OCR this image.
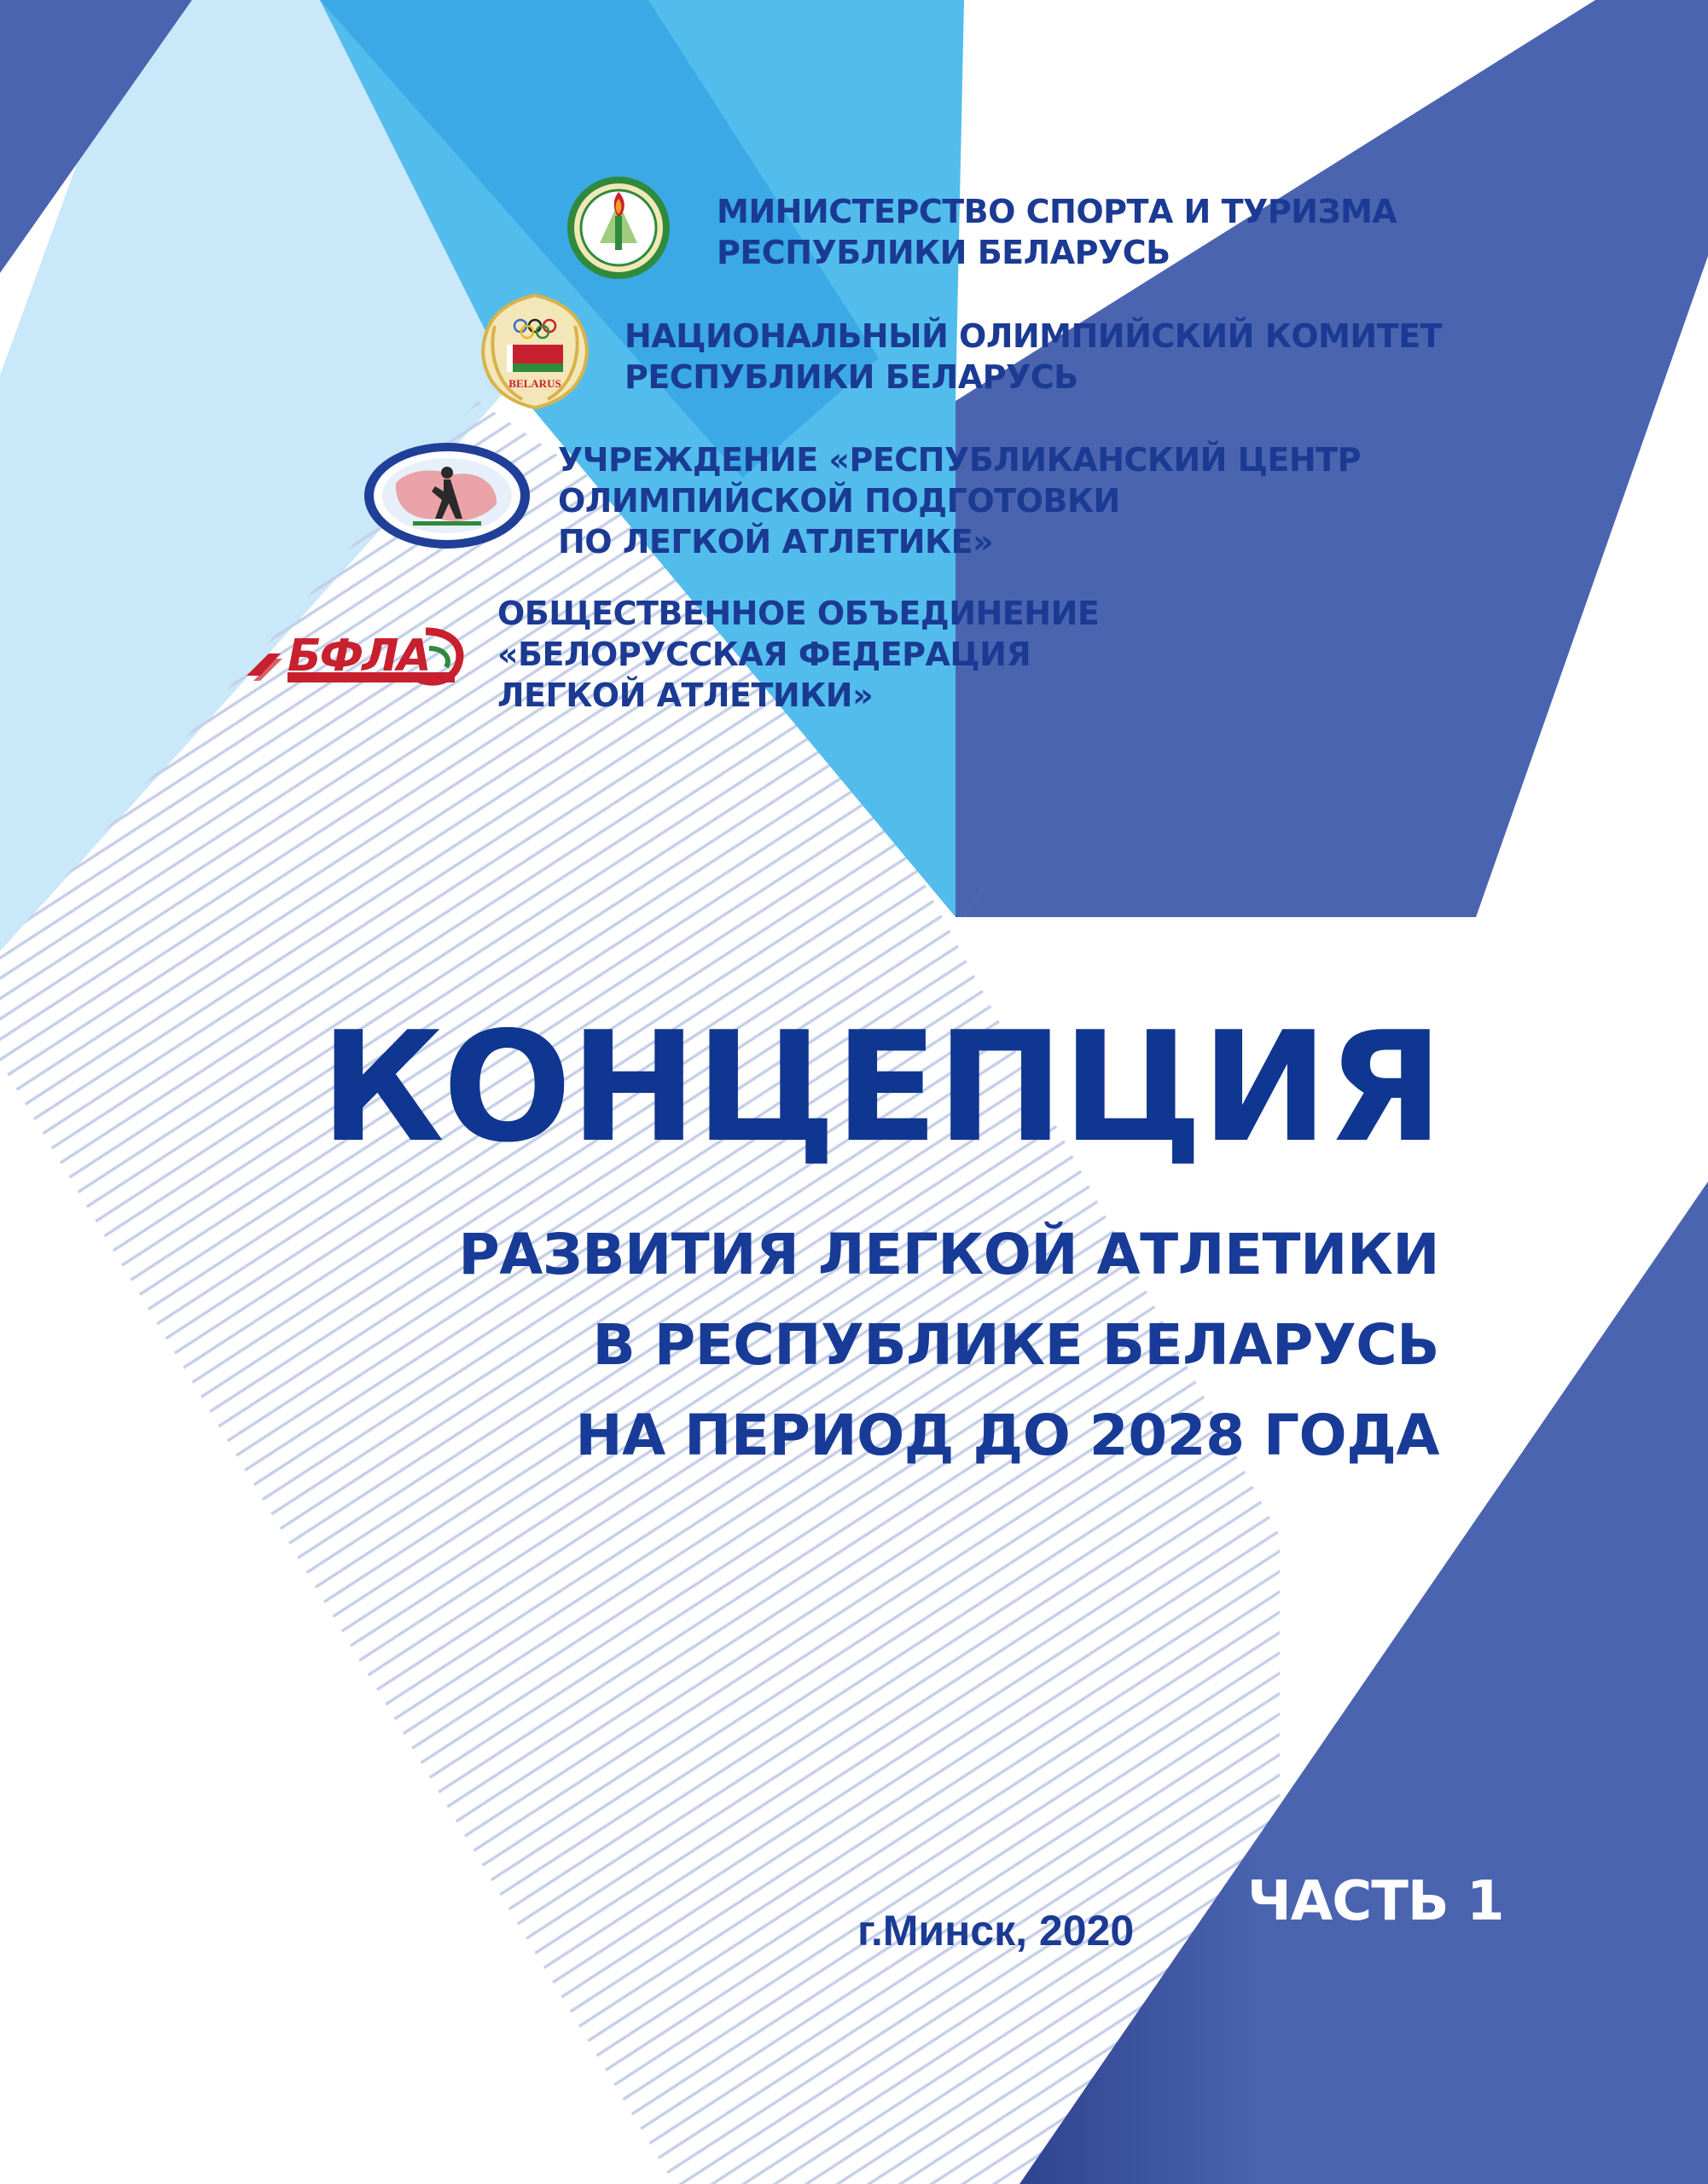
МИНИСТЕРСТВО СПОРТА И ТУРИЗМА
РЕСПУБЛИКИ БЕЛАРУСЬ
BELARUS
НАЦИОНАЛЬНЫЙ ОЛИМПИЙСКИЙ КОМИТЕТ
РЕСПУБЛИКИ БЕЛАРУСЬ
УЧРЕЖДЕНИЕ «РЕСПУБЛИКАНСКИЙ ЦЕНТР
ОЛИМПИЙСКОЙ ПОДГОТОВКИ
ПО ЛЕГКОЙ АТЛЕТИКЕ»
БФЛА
ОБЩЕСТВЕННОЕ ОБЪЕДИНЕНИЕ
«БЕЛОРУССКАЯ ФЕДЕРАЦИЯ
ЛЕГКОЙ АТЛЕТИКИ»
КОНЦЕПЦИЯ
РАЗВИТИЯ ЛЕГКОЙ АТЛЕТИКИ
В РЕСПУБЛИКЕ БЕЛАРУСЬ
НА ПЕРИОД ДО 2028 ГОДА
г.Минск, 2020 ЧАСТЬ 1
